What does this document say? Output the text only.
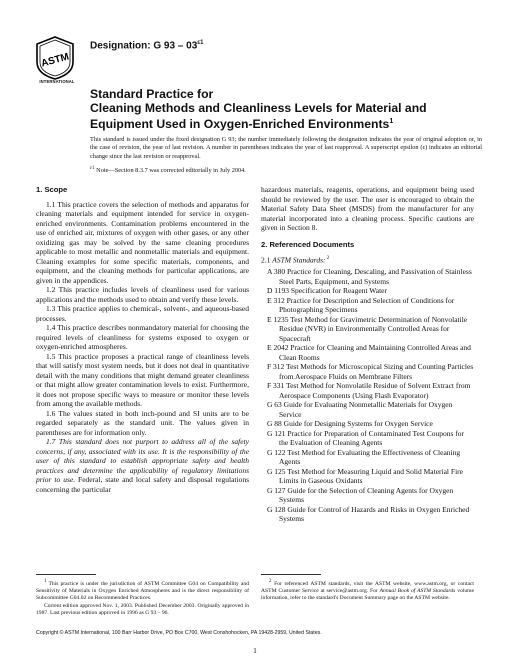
ASTM
INTERNATIONAL
Designation: G $93 - 03^{\varepsilon 1}$
Standard Practice for
Cleaning Methods and Cleanliness Levels for Material and
Equipment Used in Oxygen-Enriched Environments$^1$
This standard is issued under the fixed designation G 93; the number immediately following the designation indicates the year of original adoption or, in the case of revision, the year of last revision. A number in parentheses indicates the year of last reapproval. A superscript epsilon (ε) indicates an editorial change since the last revision or reapproval.
$^{\varepsilon 1}$ Note—Section 8.3.7 was corrected editorially in July 2004.
1. Scope

1.1 This practice covers the selection of methods and apparatus for cleaning materials and equipment intended for service in oxygen-enriched environments. Contamination problems encountered in the use of enriched air, mixtures of oxygen with other gases, or any other oxidizing gas may be solved by the same cleaning procedures applicable to most metallic and nonmetallic materials and equipment. Cleaning examples for some specific materials, components, and equipment, and the cleaning methods for particular applications, are given in the appendices.

1.2 This practice includes levels of cleanliness used for various applications and the methods used to obtain and verify these levels.

1.3 This practice applies to chemical-, solvent-, and aqueous-based processes.

1.4 This practice describes nonmandatory material for choosing the required levels of cleanliness for systems exposed to oxygen or oxygen-enriched atmospheres.

1.5 This practice proposes a practical range of cleanliness levels that will satisfy most system needs, but it does not deal in quantitative detail with the many conditions that might demand greater cleanliness or that might allow greater contamination levels to exist. Furthermore, it does not propose specific ways to measure or monitor these levels from among the available methods.

1.6 The values stated in both inch-pound and SI units are to be regarded separately as the standard unit. The values given in parentheses are for information only.

1.7 This standard does not purport to address all of the safety concerns, if any, associated with its use. It is the responsibility of the user of this standard to establish appropriate safety and health practices and determine the applicability of regulatory limitations prior to use. Federal, state and local safety and disposal regulations concerning the particular

hazardous materials, reagents, operations, and equipment being used should be reviewed by the user. The user is encouraged to obtain the Material Safety Data Sheet (MSDS) from the manufacturer for any material incorporated into a cleaning process. Specific cautions are given in Section 8.

2. Referenced Documents

2.1 ASTM Standards: $^2$

A 380 Practice for Cleaning, Descaling, and Passivation of Stainless Steel Parts, Equipment, and Systems

D 1193 Specification for Reagent Water

E 312 Practice for Description and Selection of Conditions for Photographing Specimens

E 1235 Test Method for Gravimetric Determination of Nonvolatile Residue (NVR) in Environmentally Controlled Areas for Spacecraft

E 2042 Practice for Cleaning and Maintaining Controlled Areas and Clean Rooms

F 312 Test Methods for Microscopical Sizing and Counting Particles from Aerospace Fluids on Membrane Filters

F 331 Test Method for Nonvolatile Residue of Solvent Extract from Aerospace Components (Using Flash Evaporator)

G 63 Guide for Evaluating Nonmetallic Materials for Oxygen Service

G 88 Guide for Designing Systems for Oxygen Service

G 121 Practice for Preparation of Contaminated Test Coupons for the Evaluation of Cleaning Agents

G 122 Test Method for Evaluating the Effectiveness of Cleaning Agents

G 125 Test Method for Measuring Liquid and Solid Material Fire Limits in Gaseous Oxidants

G 127 Guide for the Selection of Cleaning Agents for Oxygen Systems

G 128 Guide for Control of Hazards and Risks in Oxygen Enriched Systems

$^1$ This practice is under the jurisdiction of ASTM Committee G04 on Compatibility and Sensitivity of Materials in Oxygen Enriched Atmospheres and is the direct responsibility of Subcommittee G04.02 on Recommended Practices.

Current edition approved Nov. 1, 2003. Published December 2003. Originally approved in 1987. Last previous edition approved in 1996 as G 93 – 96.

$^2$ For referenced ASTM standards, visit the ASTM website, www.astm.org, or contact ASTM Customer Service at service@astm.org. For Annual Book of ASTM Standards volume information, refer to the standard's Document Summary page on the ASTM website.

Copyright © ASTM International, 100 Barr Harbor Drive, PO Box C700, West Conshohocken, PA 19428-2959, United States.
1
